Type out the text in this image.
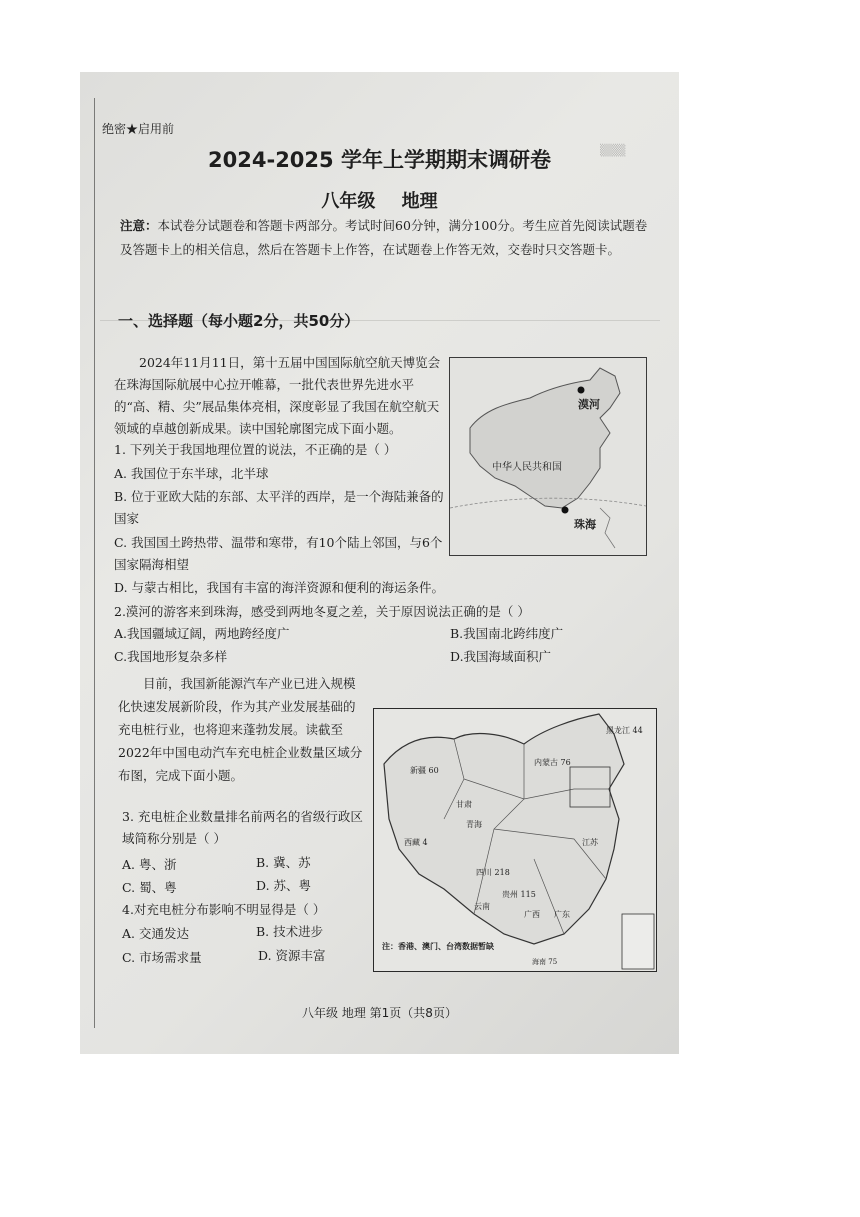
▒▒▒
绝密★启用前
2024-2025 学年上学期期末调研卷
八年级 地理
注意：本试卷分试题卷和答题卡两部分。考试时间60分钟，满分100分。考生应首先阅读试题卷及答题卡上的相关信息，然后在答题卡上作答，在试题卷上作答无效，交卷时只交答题卡。
一、选择题（每小题2分，共50分）
2024年11月11日，第十五届中国国际航空航天博览会在珠海国际航展中心拉开帷幕，一批代表世界先进水平的“高、精、尖”展品集体亮相，深度彰显了我国在航空航天领域的卓越创新成果。读中国轮廓图完成下面小题。
漠河
中华人民共和国
珠海
1. 下列关于我国地理位置的说法，不正确的是（ ）
A. 我国位于东半球，北半球
B. 位于亚欧大陆的东部、太平洋的西岸，是一个海陆兼备的国家
C. 我国国土跨热带、温带和寒带，有10个陆上邻国，与6个国家隔海相望
D. 与蒙古相比，我国有丰富的海洋资源和便利的海运条件。
2.漠河的游客来到珠海，感受到两地冬夏之差，关于原因说法正确的是（ ）
A.我国疆域辽阔，两地跨经度广	B.我国南北跨纬度广
C.我国地形复杂多样	D.我国海域面积广
目前，我国新能源汽车产业已进入规模化快速发展新阶段，作为其产业发展基础的充电桩行业，也将迎来蓬勃发展。读截至2022年中国电动汽车充电桩企业数量区域分布图，完成下面小题。	新疆 60
西藏 4
青海
甘肃
内蒙古 76
黑龙江 44
四川 218
云南
贵州 115
广西 广东
江苏
海南 75
注：香港、澳门、台湾数据暂缺
3. 充电桩企业数量排名前两名的省级行政区域简称分别是（ ）
A. 粤、浙	B. 冀、苏
C. 蜀、粤	D. 苏、粤
4.对充电桩分布影响不明显得是（ ）
A. 交通发达	B. 技术进步
C. 市场需求量	D. 资源丰富
八年级 地理 第1页（共8页）
